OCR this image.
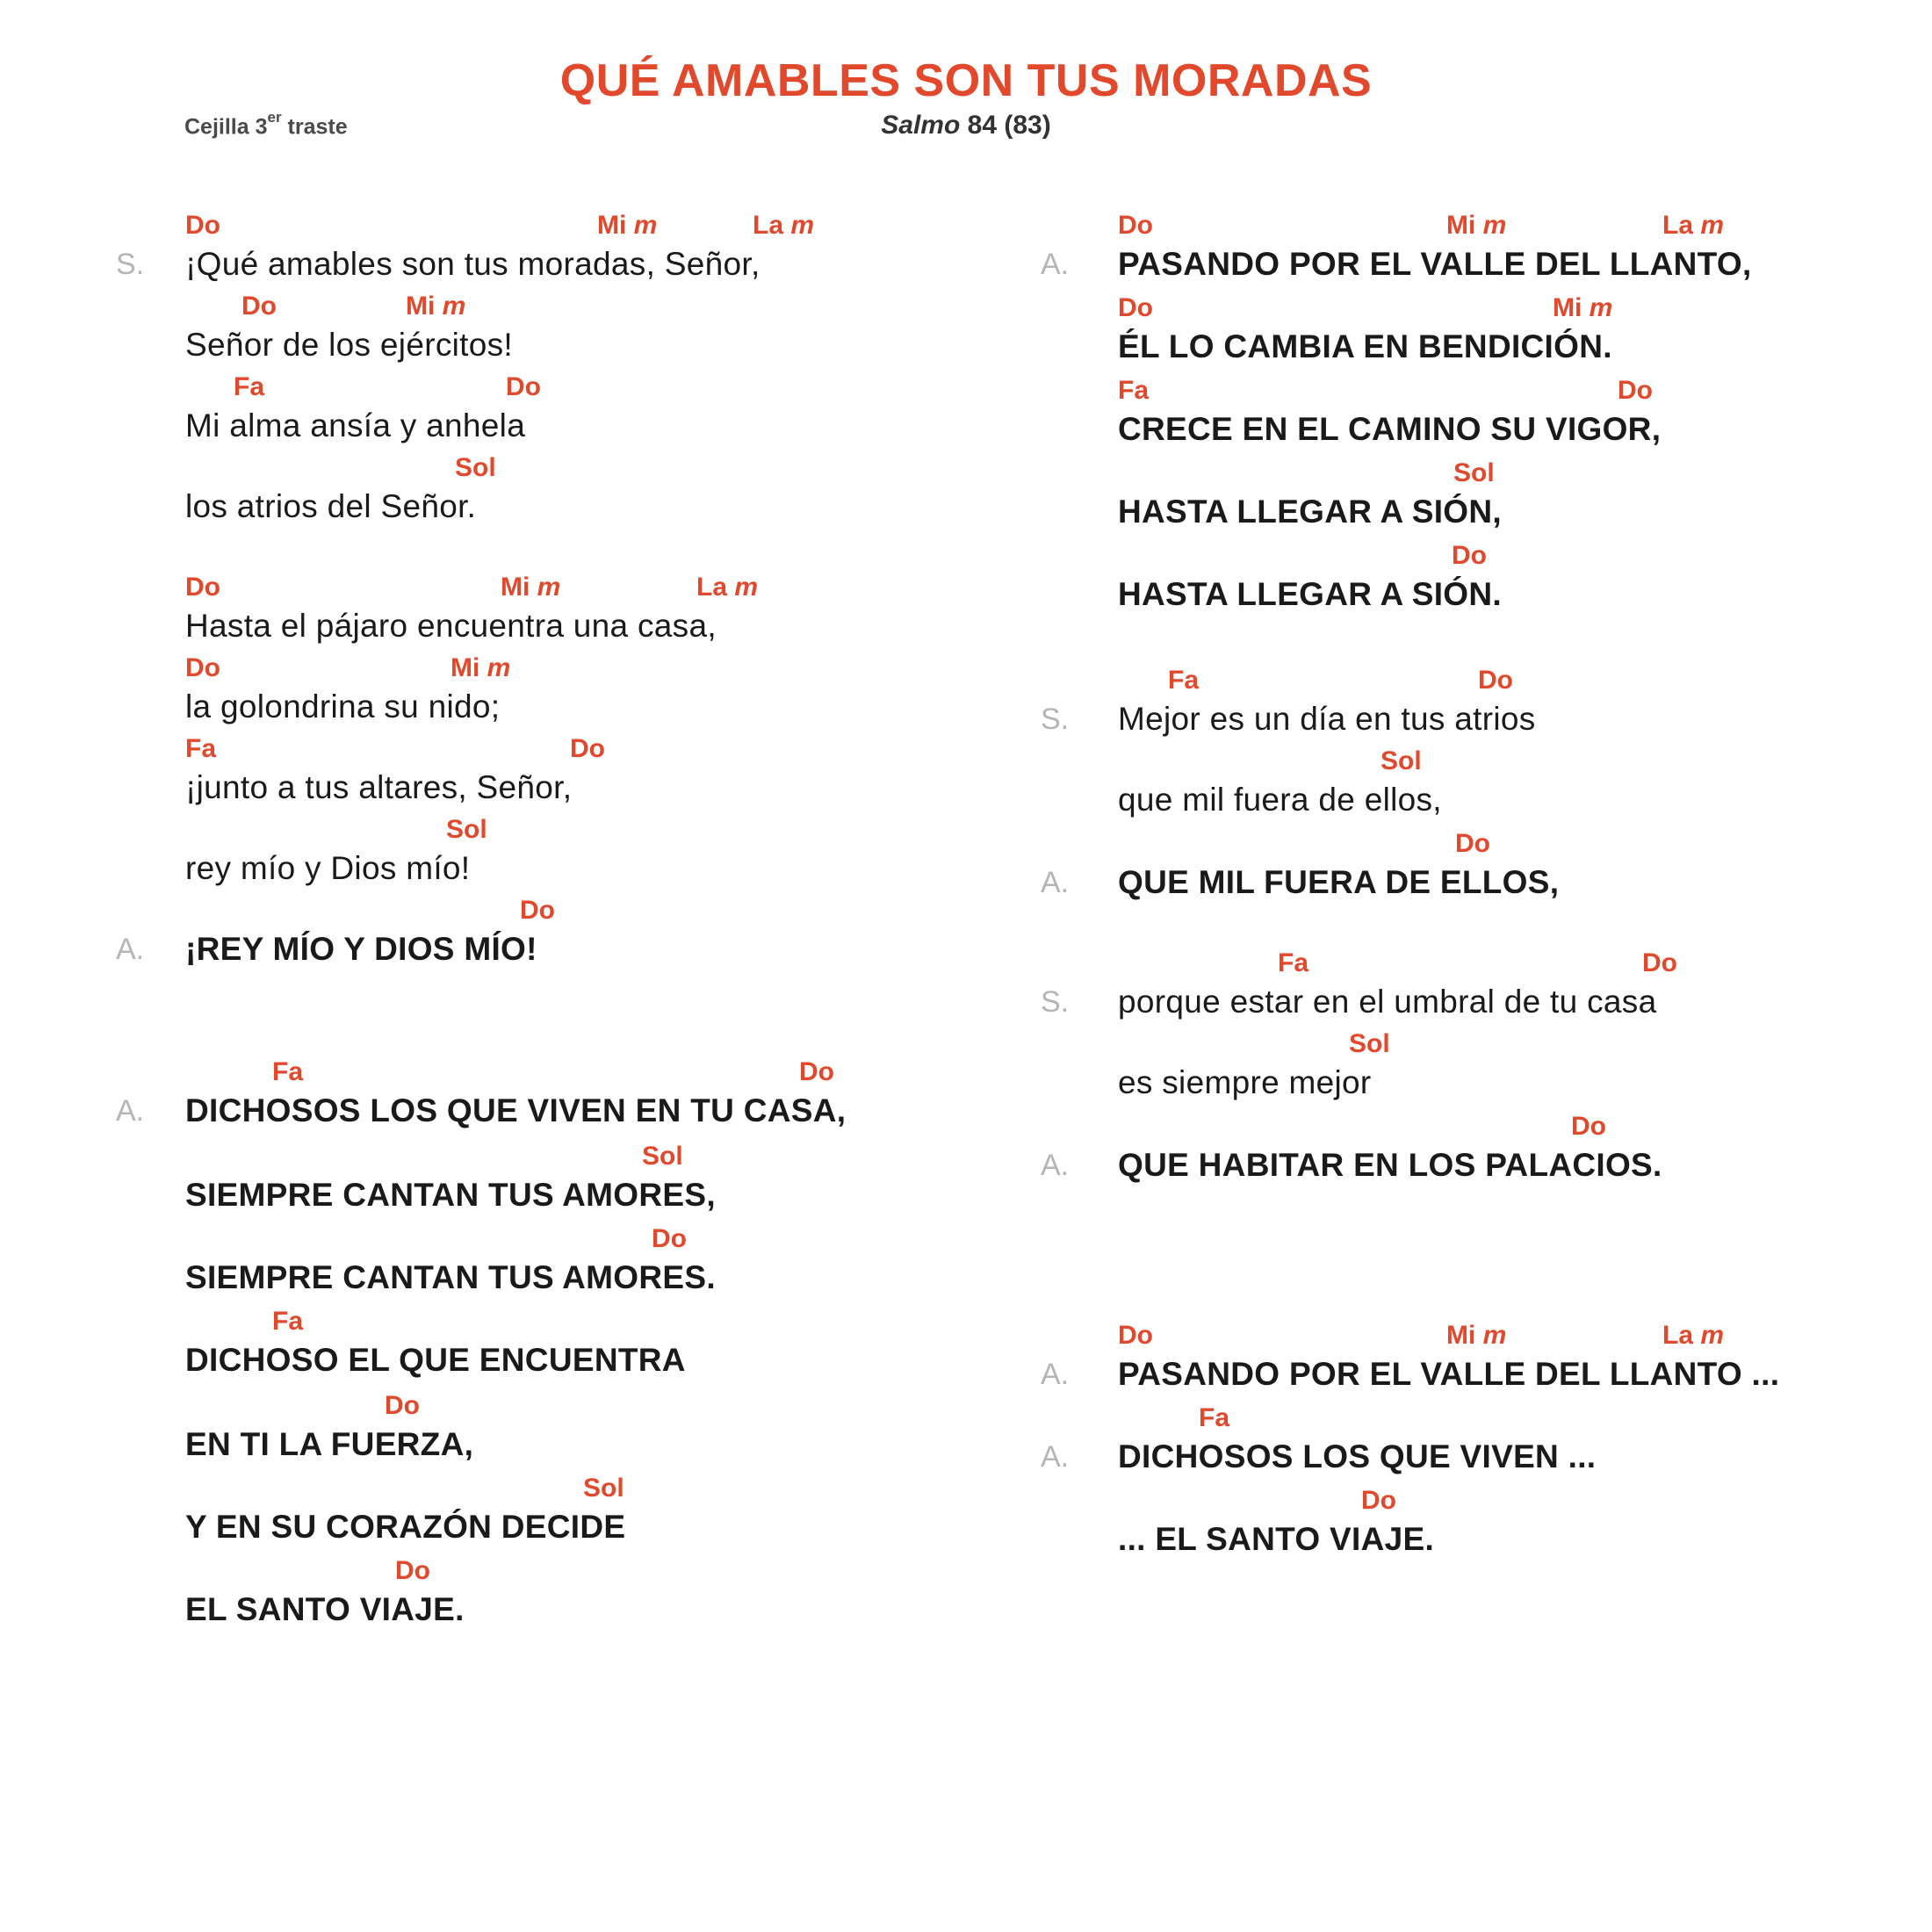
QUÉ AMABLES SON TUS MORADAS
Cejilla 3er traste	Salmo 84 (83)
Do	Mi m	La m
¡Qué amables son tus moradas, Señor,
S.
Do	Mi m
Señor de los ejércitos!
Fa	Do
Mi alma ansía y anhela
Sol
los atrios del Señor.
Do	Mi m	La m
Hasta el pájaro encuentra una casa,
Do	Mi m
la golondrina su nido;
Fa	Do
¡junto a tus altares, Señor,
Sol
rey mío y Dios mío!
Do
¡REY MÍO Y DIOS MÍO!
A.
Fa	Do
DICHOSOS LOS QUE VIVEN EN TU CASA,
A.
Sol
SIEMPRE CANTAN TUS AMORES,
Do
SIEMPRE CANTAN TUS AMORES.
Fa
DICHOSO EL QUE ENCUENTRA
Do
EN TI LA FUERZA,
Sol
Y EN SU CORAZÓN DECIDE
Do
EL SANTO VIAJE.
Do	Mi m	La m
PASANDO POR EL VALLE DEL LLANTO,
A.
Do	Mi m
ÉL LO CAMBIA EN BENDICIÓN.
Fa	Do
CRECE EN EL CAMINO SU VIGOR,
Sol
HASTA LLEGAR A SIÓN,
Do
HASTA LLEGAR A SIÓN.
Fa	Do
Mejor es un día en tus atrios
S.
Sol
que mil fuera de ellos,
Do
QUE MIL FUERA DE ELLOS,
A.
Fa	Do
porque estar en el umbral de tu casa
S.
Sol
es siempre mejor
Do
QUE HABITAR EN LOS PALACIOS.
A.
Do	Mi m	La m
PASANDO POR EL VALLE DEL LLANTO ...
A.
Fa
DICHOSOS LOS QUE VIVEN ...
A.
Do
... EL SANTO VIAJE.
